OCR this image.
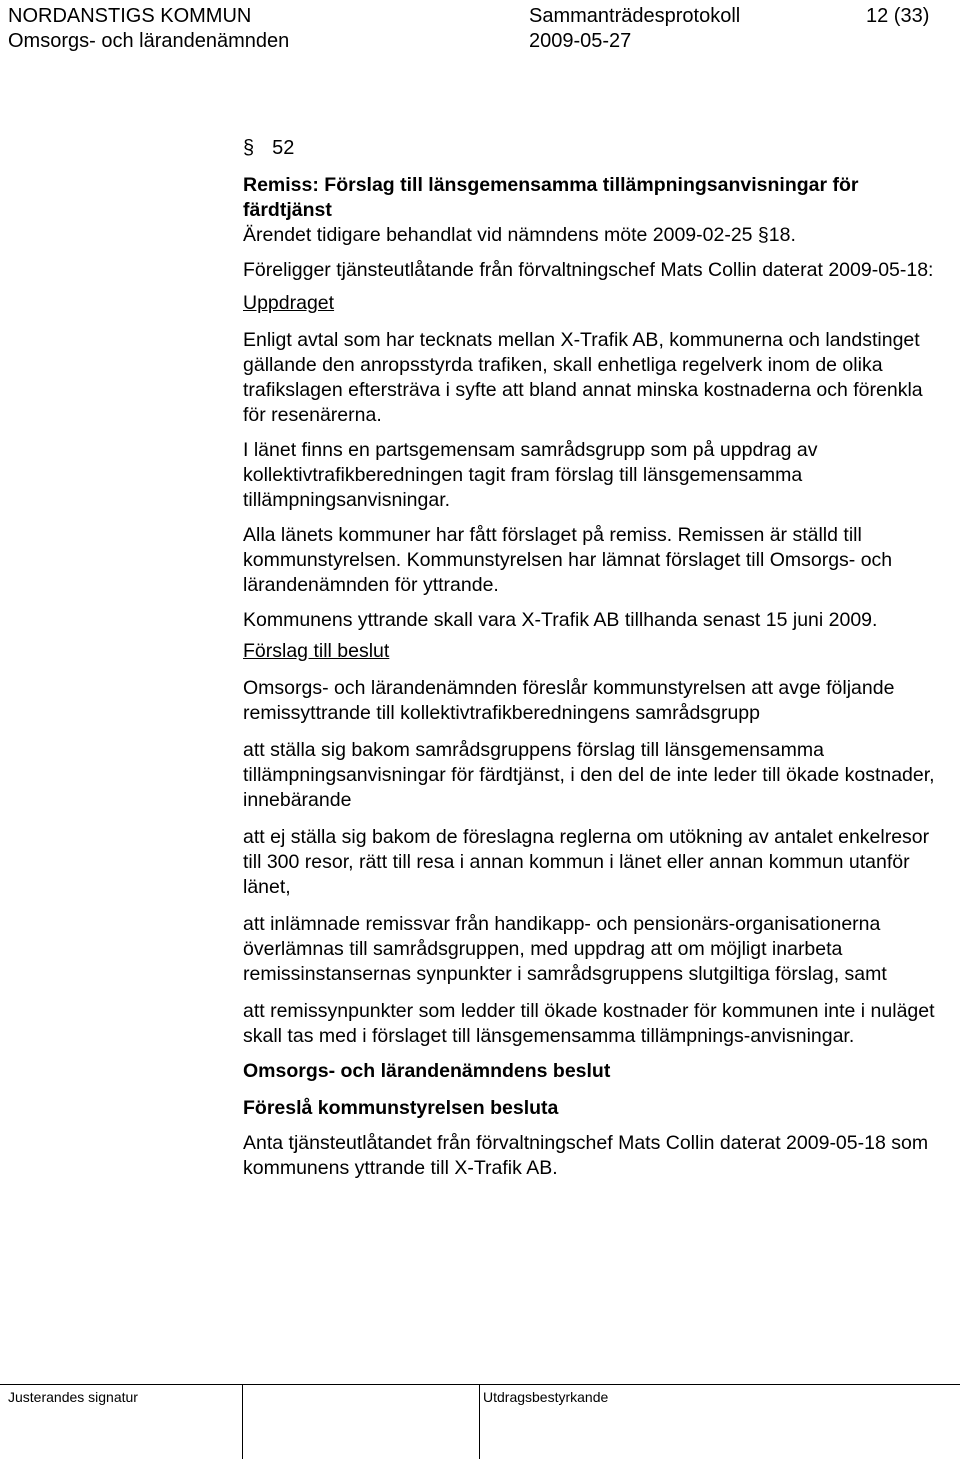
NORDANSTIGS KOMMUN	Sammanträdesprotokoll	12 (33)
Omsorgs- och lärandenämnden	2009-05-27
§ 52

Remiss: Förslag till länsgemensamma tillämpningsanvisningar för färdtjänst

Ärendet tidigare behandlat vid nämndens möte 2009-02-25 §18.

Föreligger tjänsteutlåtande från förvaltningschef Mats Collin daterat 2009-05-18:

Uppdraget

Enligt avtal som har tecknats mellan X-Trafik AB, kommunerna och landstinget gällande den anropsstyrda trafiken, skall enhetliga regelverk inom de olika trafikslagen eftersträva i syfte att bland annat minska kostnaderna och förenkla för resenärerna.

I länet finns en partsgemensam samrådsgrupp som på uppdrag av kollektivtrafikberedningen tagit fram förslag till länsgemensamma tillämpningsanvisningar.

Alla länets kommuner har fått förslaget på remiss. Remissen är ställd till kommunstyrelsen. Kommunstyrelsen har lämnat förslaget till Omsorgs- och lärandenämnden för yttrande.

Kommunens yttrande skall vara X-Trafik AB tillhanda senast 15 juni 2009.

Förslag till beslut

Omsorgs- och lärandenämnden föreslår kommunstyrelsen att avge följande remissyttrande till kollektivtrafikberedningens samrådsgrupp

att ställa sig bakom samrådsgruppens förslag till länsgemensamma tillämpningsanvisningar för färdtjänst, i den del de inte leder till ökade kostnader, innebärande

att ej ställa sig bakom de föreslagna reglerna om utökning av antalet enkelresor till 300 resor, rätt till resa i annan kommun i länet eller annan kommun utanför länet,

att inlämnade remissvar från handikapp- och pensionärs-organisationerna överlämnas till samrådsgruppen, med uppdrag att om möjligt inarbeta remissinstansernas synpunkter i samrådsgruppens slutgiltiga förslag, samt

att remissynpunkter som ledder till ökade kostnader för kommunen inte i nuläget skall tas med i förslaget till länsgemensamma tillämpnings-anvisningar.

Omsorgs- och lärandenämndens beslut

Föreslå kommunstyrelsen besluta

Anta tjänsteutlåtandet från förvaltningschef Mats Collin daterat 2009-05-18 som kommunens yttrande till X-Trafik AB.

Justerandes signatur	Utdragsbestyrkande
